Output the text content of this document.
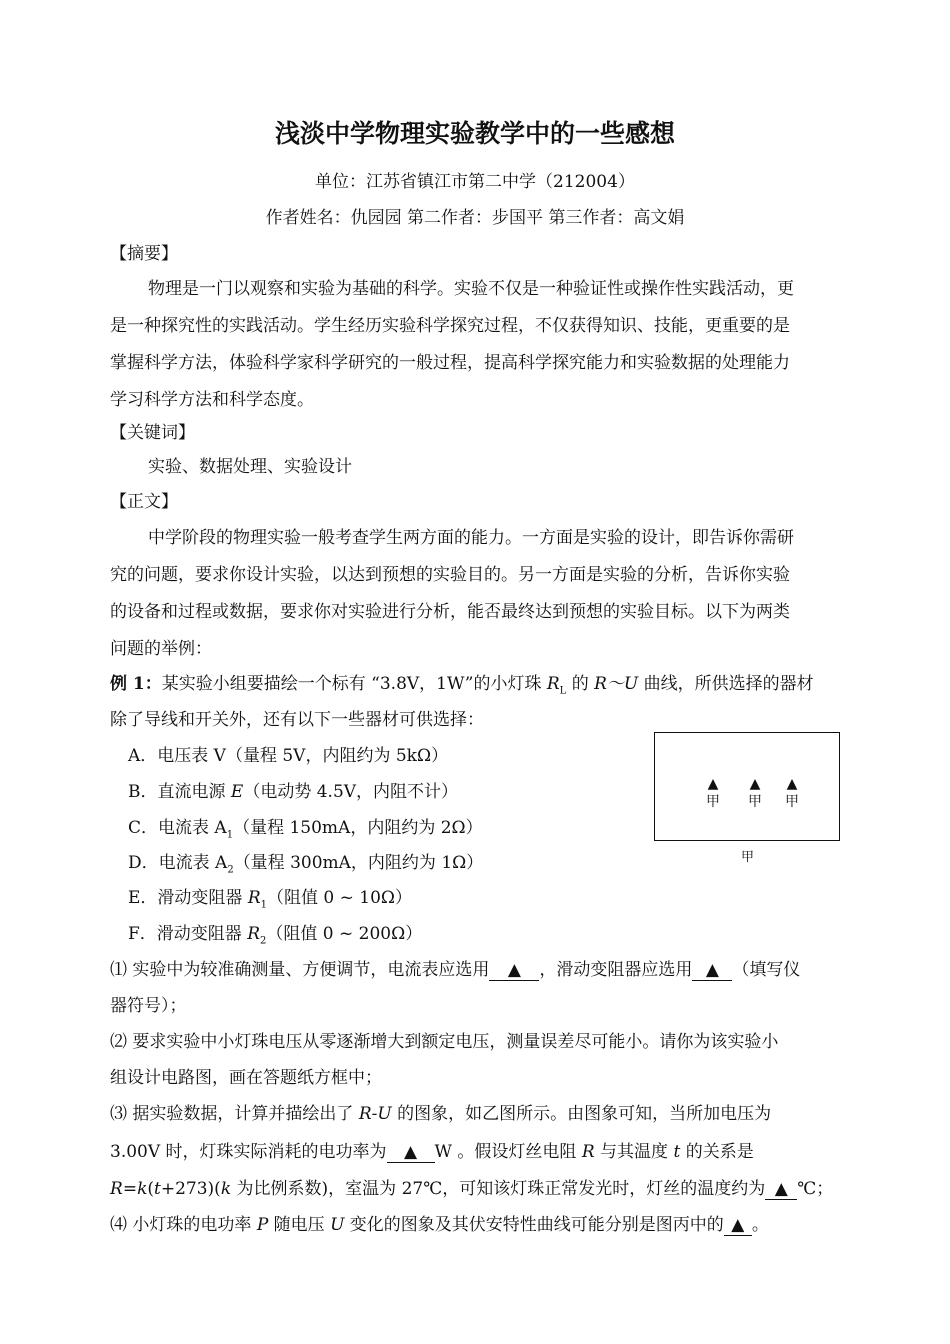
浅淡中学物理实验教学中的一些感想
单位：江苏省镇江市第二中学（212004）
作者姓名：仇园园 第二作者：步国平 第三作者：高文娟
【摘要】
物理是一门以观察和实验为基础的科学。实验不仅是一种验证性或操作性实践活动，更
是一种探究性的实践活动。学生经历实验科学探究过程，不仅获得知识、技能，更重要的是
掌握科学方法，体验科学家科学研究的一般过程，提高科学探究能力和实验数据的处理能力
学习科学方法和科学态度。
【关键词】
实验、数据处理、实验设计
【正文】
中学阶段的物理实验一般考查学生两方面的能力。一方面是实验的设计，即告诉你需研
究的问题，要求你设计实验，以达到预想的实验目的。另一方面是实验的分析，告诉你实验
的设备和过程或数据，要求你对实验进行分析，能否最终达到预想的实验目标。以下为两类
问题的举例：
例 1：某实验小组要描绘一个标有 “3.8V，1W”的小灯珠 $R_L$ 的 R～U 曲线，所供选择的器材
除了导线和开关外，还有以下一些器材可供选择：
A．电压表 V（量程 5V，内阻约为 5kΩ）
B．直流电源 E（电动势 4.5V，内阻不计）
C．电流表 $A_1$（量程 150mA，内阻约为 2Ω）
D．电流表 $A_2$（量程 300mA，内阻约为 1Ω）
E．滑动变阻器 $R_1$（阻值 0 ~ 10Ω）
F．滑动变阻器 $R_2$（阻值 0 ~ 200Ω）
▲
甲
▲
甲
▲
甲
甲
⑴ 实验中为较准确测量、方便调节，电流表应选用 ▲ ，滑动变阻器应选用 ▲ （填写仪
器符号）；
⑵ 要求实验中小灯珠电压从零逐渐增大到额定电压，测量误差尽可能小。请你为该实验小
组设计电路图，画在答题纸方框中；
⑶ 据实验数据，计算并描绘出了 R-U 的图象，如乙图所示。由图象可知，当所加电压为
3.00V 时，灯珠实际消耗的电功率为 ▲ W 。假设灯丝电阻 R 与其温度 t 的关系是
R=k(t+273)(k 为比例系数)，室温为 27℃，可知该灯珠正常发光时，灯丝的温度约为 ▲ ℃；
⑷ 小灯珠的电功率 P 随电压 U 变化的图象及其伏安特性曲线可能分别是图丙中的 ▲ 。
